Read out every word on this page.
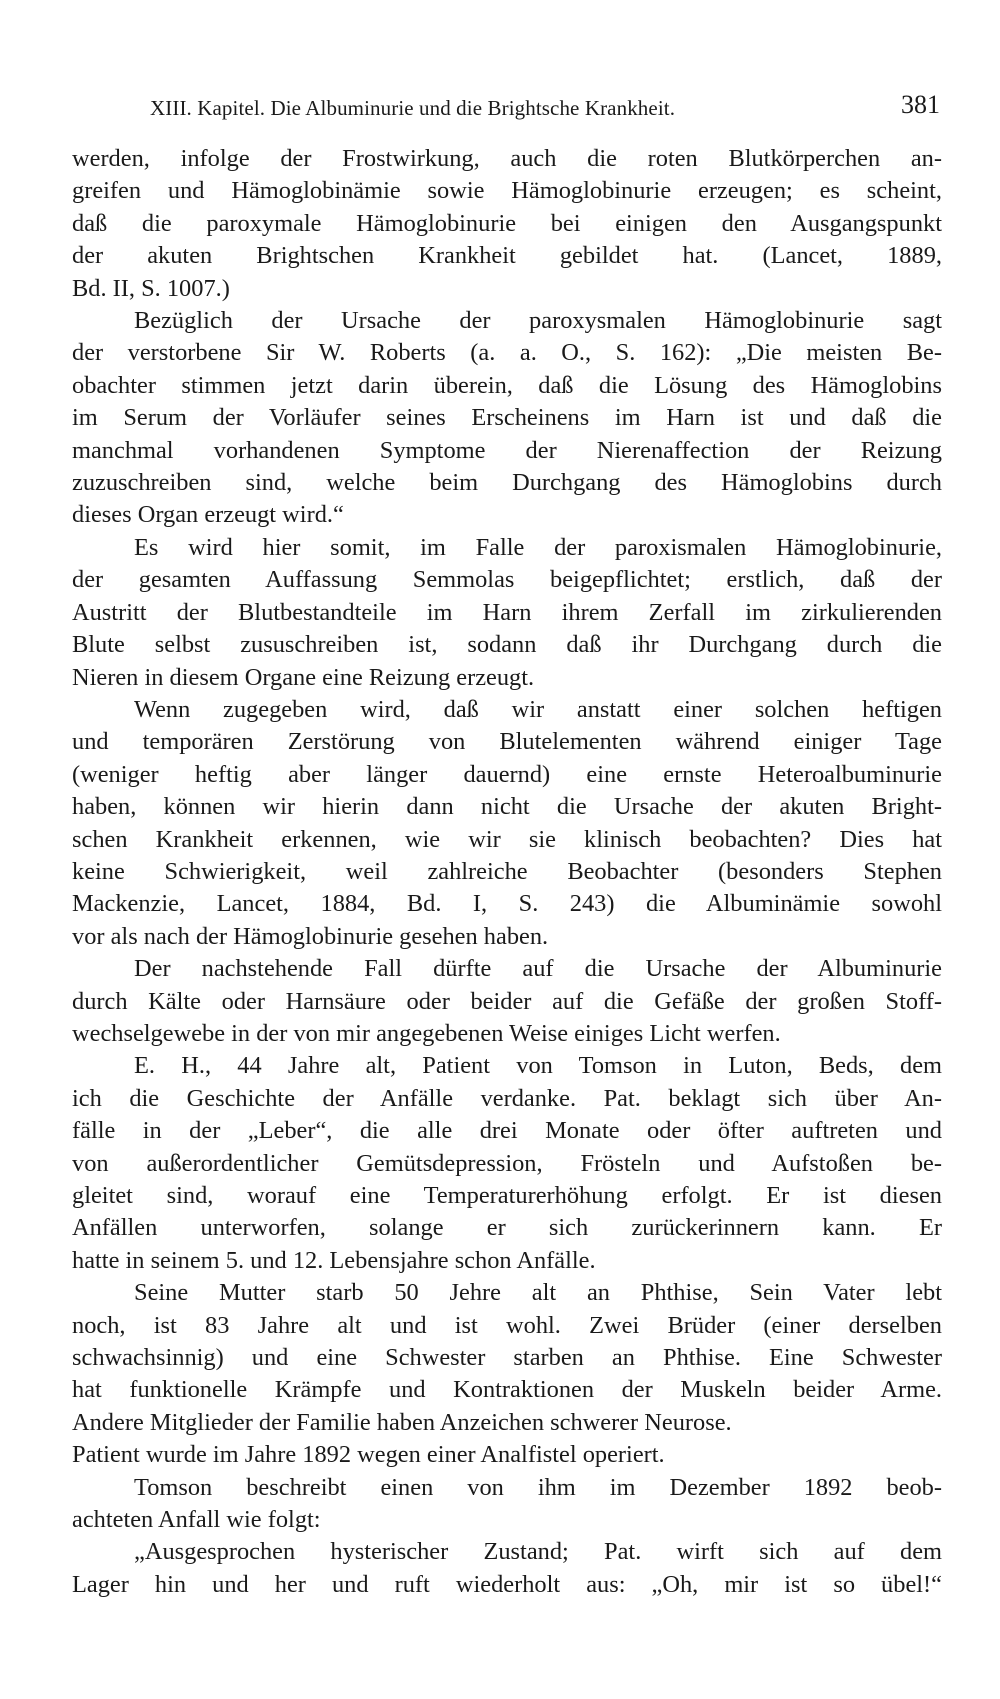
XIII. Kapitel. Die Albuminurie und die Brightsche Krankheit.	381

werden, infolge der Frostwirkung, auch die roten Blutkörperchen an-
greifen und Hämoglobinämie sowie Hämoglobinurie erzeugen; es scheint,
daß die paroxymale Hämoglobinurie bei einigen den Ausgangspunkt
der akuten Brightschen Krankheit gebildet hat. (Lancet, 1889,
Bd. II, S. 1007.)

Bezüglich der Ursache der paroxysmalen Hämoglobinurie sagt
der verstorbene Sir W. Roberts (a. a. O., S. 162): „Die meisten Be-
obachter stimmen jetzt darin überein, daß die Lösung des Hämoglobins
im Serum der Vorläufer seines Erscheinens im Harn ist und daß die
manchmal vorhandenen Symptome der Nierenaffection der Reizung
zuzuschreiben sind, welche beim Durchgang des Hämoglobins durch
dieses Organ erzeugt wird.“

Es wird hier somit, im Falle der paroxismalen Hämoglobinurie,
der gesamten Auffassung Semmolas beigepflichtet; erstlich, daß der
Austritt der Blutbestandteile im Harn ihrem Zerfall im zirkulierenden
Blute selbst zususchreiben ist, sodann daß ihr Durchgang durch die
Nieren in diesem Organe eine Reizung erzeugt.

Wenn zugegeben wird, daß wir anstatt einer solchen heftigen
und temporären Zerstörung von Blutelementen während einiger Tage
(weniger heftig aber länger dauernd) eine ernste Heteroalbuminurie
haben, können wir hierin dann nicht die Ursache der akuten Bright-
schen Krankheit erkennen, wie wir sie klinisch beobachten? Dies hat
keine Schwierigkeit, weil zahlreiche Beobachter (besonders Stephen
Mackenzie, Lancet, 1884, Bd. I, S. 243) die Albuminämie sowohl
vor als nach der Hämoglobinurie gesehen haben.

Der nachstehende Fall dürfte auf die Ursache der Albuminurie
durch Kälte oder Harnsäure oder beider auf die Gefäße der großen Stoff-
wechselgewebe in der von mir angegebenen Weise einiges Licht werfen.

E. H., 44 Jahre alt, Patient von Tomson in Luton, Beds, dem
ich die Geschichte der Anfälle verdanke. Pat. beklagt sich über An-
fälle in der „Leber“, die alle drei Monate oder öfter auftreten und
von außerordentlicher Gemütsdepression, Frösteln und Aufstoßen be-
gleitet sind, worauf eine Temperaturerhöhung erfolgt. Er ist diesen
Anfällen unterworfen, solange er sich zurückerinnern kann. Er
hatte in seinem 5. und 12. Lebensjahre schon Anfälle.

Seine Mutter starb 50 Jehre alt an Phthise, Sein Vater lebt
noch, ist 83 Jahre alt und ist wohl. Zwei Brüder (einer derselben
schwachsinnig) und eine Schwester starben an Phthise. Eine Schwester
hat funktionelle Krämpfe und Kontraktionen der Muskeln beider Arme.
Andere Mitglieder der Familie haben Anzeichen schwerer Neurose.
Patient wurde im Jahre 1892 wegen einer Analfistel operiert.

Tomson beschreibt einen von ihm im Dezember 1892 beob-
achteten Anfall wie folgt:

„Ausgesprochen hysterischer Zustand; Pat. wirft sich auf dem
Lager hin und her und ruft wiederholt aus: „Oh, mir ist so übel!“
